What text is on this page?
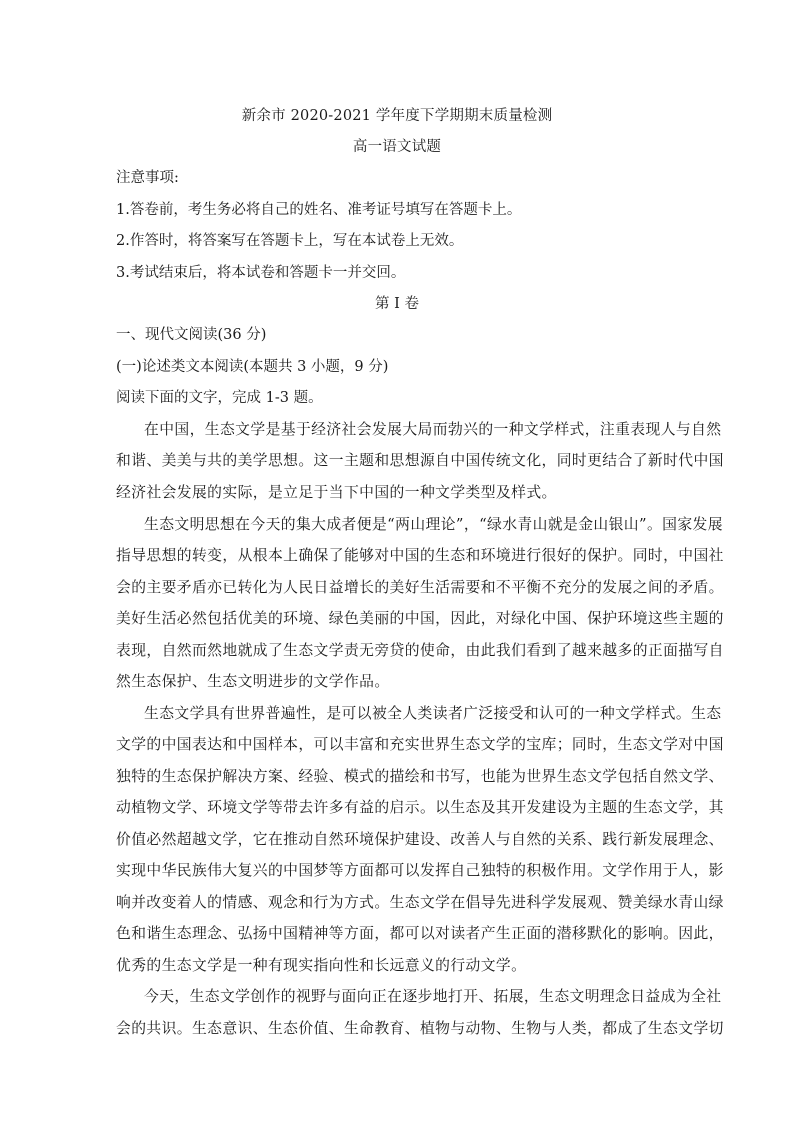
新余市 2020-2021 学年度下学期期末质量检测
高一语文试题
注意事项:
1.答卷前，考生务必将自己的姓名、准考证号填写在答题卡上。
2.作答时，将答案写在答题卡上，写在本试卷上无效。
3.考试结束后，将本试卷和答题卡一并交回。
第 I 卷
一、现代文阅读(36 分)
(一)论述类文本阅读(本题共 3 小题，9 分)
阅读下面的文字，完成 1-3 题。
在中国，生态文学是基于经济社会发展大局而勃兴的一种文学样式，注重表现人与自然
和谐、美美与共的美学思想。这一主题和思想源自中国传统文化，同时更结合了新时代中国
经济社会发展的实际，是立足于当下中国的一种文学类型及样式。
生态文明思想在今天的集大成者便是“两山理论”，“绿水青山就是金山银山”。国家发展
指导思想的转变，从根本上确保了能够对中国的生态和环境进行很好的保护。同时，中国社
会的主要矛盾亦已转化为人民日益增长的美好生活需要和不平衡不充分的发展之间的矛盾。
美好生活必然包括优美的环境、绿色美丽的中国，因此，对绿化中国、保护环境这些主题的
表现，自然而然地就成了生态文学责无旁贷的使命，由此我们看到了越来越多的正面描写自
然生态保护、生态文明进步的文学作品。
生态文学具有世界普遍性，是可以被全人类读者广泛接受和认可的一种文学样式。生态
文学的中国表达和中国样本，可以丰富和充实世界生态文学的宝库；同时，生态文学对中国
独特的生态保护解决方案、经验、模式的描绘和书写，也能为世界生态文学包括自然文学、
动植物文学、环境文学等带去许多有益的启示。以生态及其开发建设为主题的生态文学，其
价值必然超越文学，它在推动自然环境保护建设、改善人与自然的关系、践行新发展理念、
实现中华民族伟大复兴的中国梦等方面都可以发挥自己独特的积极作用。文学作用于人，影
响并改变着人的情感、观念和行为方式。生态文学在倡导先进科学发展观、赞美绿水青山绿
色和谐生态理念、弘扬中国精神等方面，都可以对读者产生正面的潜移默化的影响。因此，
优秀的生态文学是一种有现实指向性和长远意义的行动文学。
今天，生态文学创作的视野与面向正在逐步地打开、拓展，生态文明理念日益成为全社
会的共识。生态意识、生态价值、生命教育、植物与动物、生物与人类，都成了生态文学切
